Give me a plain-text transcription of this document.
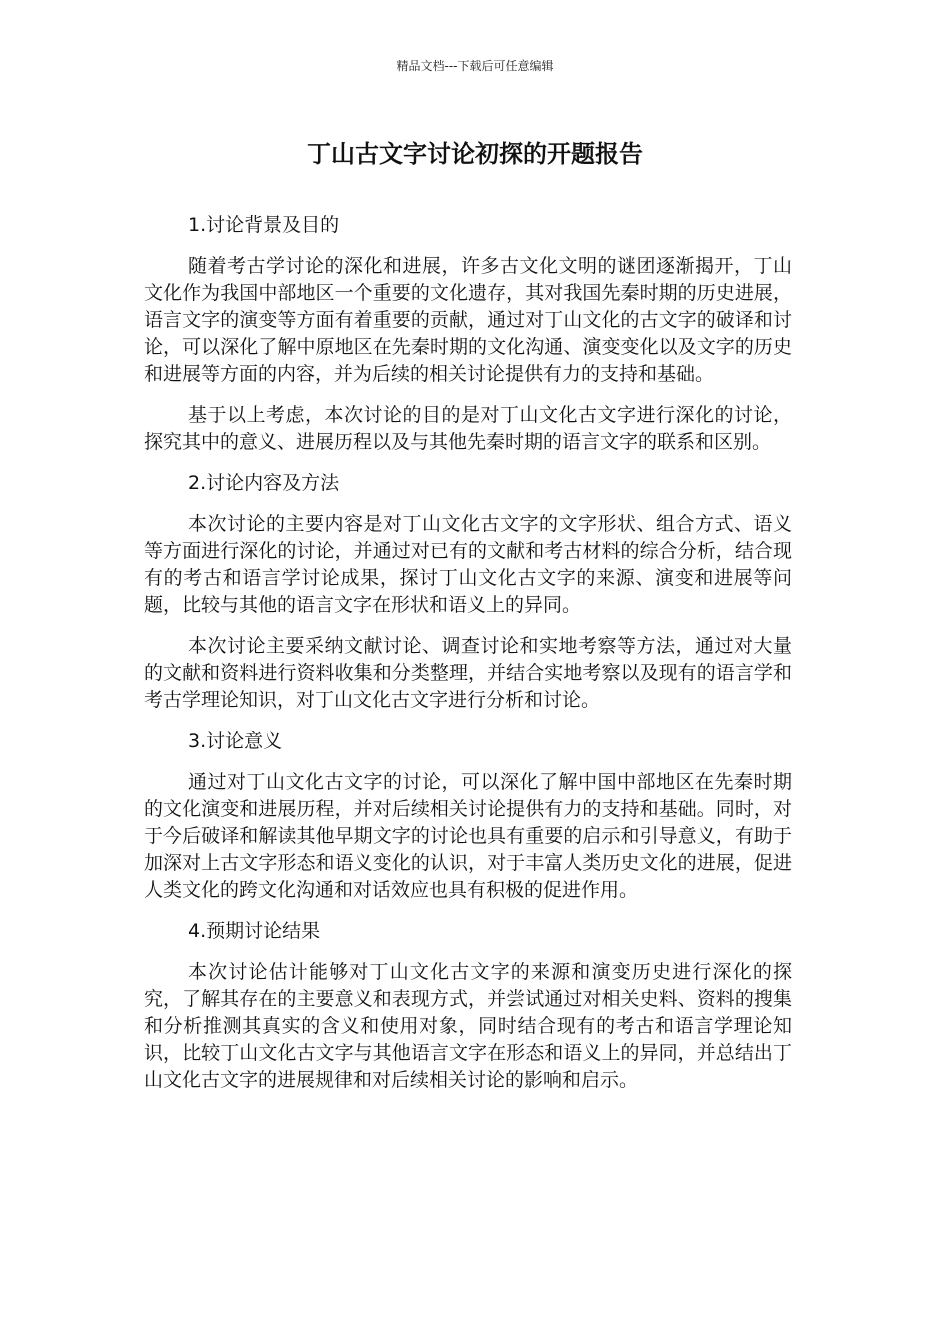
精品文档---下载后可任意编辑
丁山古文字讨论初探的开题报告
1.讨论背景及目的

随着考古学讨论的深化和进展，许多古文化文明的谜团逐渐揭开，丁山文化作为我国中部地区一个重要的文化遗存，其对我国先秦时期的历史进展，语言文字的演变等方面有着重要的贡献，通过对丁山文化的古文字的破译和讨论，可以深化了解中原地区在先秦时期的文化沟通、演变变化以及文字的历史和进展等方面的内容，并为后续的相关讨论提供有力的支持和基础。

基于以上考虑，本次讨论的目的是对丁山文化古文字进行深化的讨论，探究其中的意义、进展历程以及与其他先秦时期的语言文字的联系和区别。

2.讨论内容及方法

本次讨论的主要内容是对丁山文化古文字的文字形状、组合方式、语义等方面进行深化的讨论，并通过对已有的文献和考古材料的综合分析，结合现有的考古和语言学讨论成果，探讨丁山文化古文字的来源、演变和进展等问题，比较与其他的语言文字在形状和语义上的异同。

本次讨论主要采纳文献讨论、调查讨论和实地考察等方法，通过对大量的文献和资料进行资料收集和分类整理，并结合实地考察以及现有的语言学和考古学理论知识，对丁山文化古文字进行分析和讨论。

3.讨论意义

通过对丁山文化古文字的讨论，可以深化了解中国中部地区在先秦时期的文化演变和进展历程，并对后续相关讨论提供有力的支持和基础。同时，对于今后破译和解读其他早期文字的讨论也具有重要的启示和引导意义，有助于加深对上古文字形态和语义变化的认识，对于丰富人类历史文化的进展，促进人类文化的跨文化沟通和对话效应也具有积极的促进作用。

4.预期讨论结果

本次讨论估计能够对丁山文化古文字的来源和演变历史进行深化的探究，了解其存在的主要意义和表现方式，并尝试通过对相关史料、资料的搜集和分析推测其真实的含义和使用对象，同时结合现有的考古和语言学理论知识，比较丁山文化古文字与其他语言文字在形态和语义上的异同，并总结出丁山文化古文字的进展规律和对后续相关讨论的影响和启示。
